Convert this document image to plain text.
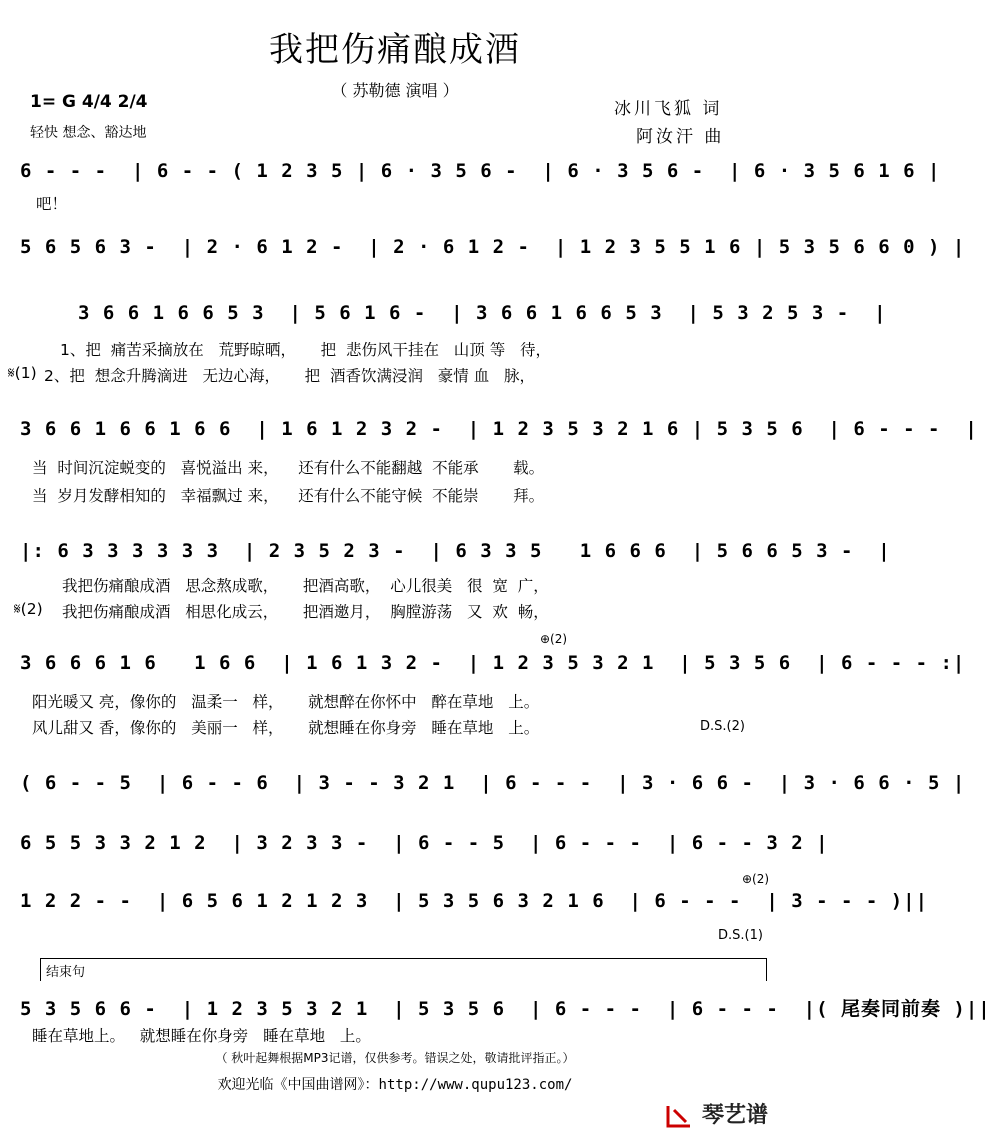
我把伤痛酿成酒
（ 苏勒德 演唱 ）
1= G 4/4 2/4
轻快 想念、豁达地
冰川飞狐 词
阿汝汗 曲
6 - - -  | 6 - - ( 1 2 3 5 | 6 · 3 5 6 -  | 6 · 3 5 6 -  | 6 · 3 5 6 1 6 |
吧！
5 6 5 6 3 -  | 2 · 6 1 2 -  | 2 · 6 1 2 -  | 1 2 3 5 5 1 6 | 5 3 5 6 6 0 ) |
3 6 6 1 6 6 5 3  | 5 6 1 6 -  | 3 6 6 1 6 6 5 3  | 5 3 2 5 3 -  |
1、把  痛苦采摘放在   荒野晾晒，     把  悲伤风干挂在   山顶 等   待，
𝄋(1) 2、把  想念升腾滴进   无边心海，     把  酒香饮满浸润   豪情 血   脉，
3 6 6 1 6 6 1 6 6  | 1 6 1 2 3 2 -  | 1 2 3 5 3 2 1 6 | 5 3 5 6  | 6 - - -  |
当  时间沉淀蜕变的   喜悦溢出 来，    还有什么不能翻越  不能承       载。
当  岁月发酵相知的   幸福飘过 来，    还有什么不能守候  不能崇       拜。
|: 6 3 3 3 3 3 3  | 2 3 5 2 3 -  | 6 3 3 5   1 6 6 6  | 5 6 6 5 3 -  |
我把伤痛酿成酒   思念熬成歌，     把酒高歌，  心儿很美   很  宽  广，
𝄋(2) 我把伤痛酿成酒   相思化成云，     把酒邀月，  胸膛游荡   又  欢  畅，
⊕(2)
3 6 6 6 1 6   1 6 6  | 1 6 1 3 2 -  | 1 2 3 5 3 2 1  | 5 3 5 6  | 6 - - - :|
阳光暖又 亮，像你的   温柔一   样，     就想醉在你怀中   醉在草地   上。
风儿甜又 香，像你的   美丽一   样，     就想睡在你身旁   睡在草地   上。	D.S.(2)
( 6 - - 5  | 6 - - 6  | 3 - - 3 2 1  | 6 - - -  | 3 · 6 6 -  | 3 · 6 6 · 5 |
6 5 5 3 3 2 1 2  | 3 2 3 3 -  | 6 - - 5  | 6 - - -  | 6 - - 3 2 |
⊕(2)
1 2 2 - -  | 6 5 6 1 2 1 2 3  | 5 3 5 6 3 2 1 6  | 6 - - -  | 3 - - - )||
D.S.(1)
结束句
5 3 5 6 6 -  | 1 2 3 5 3 2 1  | 5 3 5 6  | 6 - - -  | 6 - - -  |( 尾奏同前奏 )||
睡在草地上。   就想睡在你身旁   睡在草地   上。
（ 秋叶起舞根据MP3记谱，仅供参考。错误之处，敬请批评指正。）
欢迎光临《中国曲谱网》：http://www.qupu123.com/
琴艺谱
